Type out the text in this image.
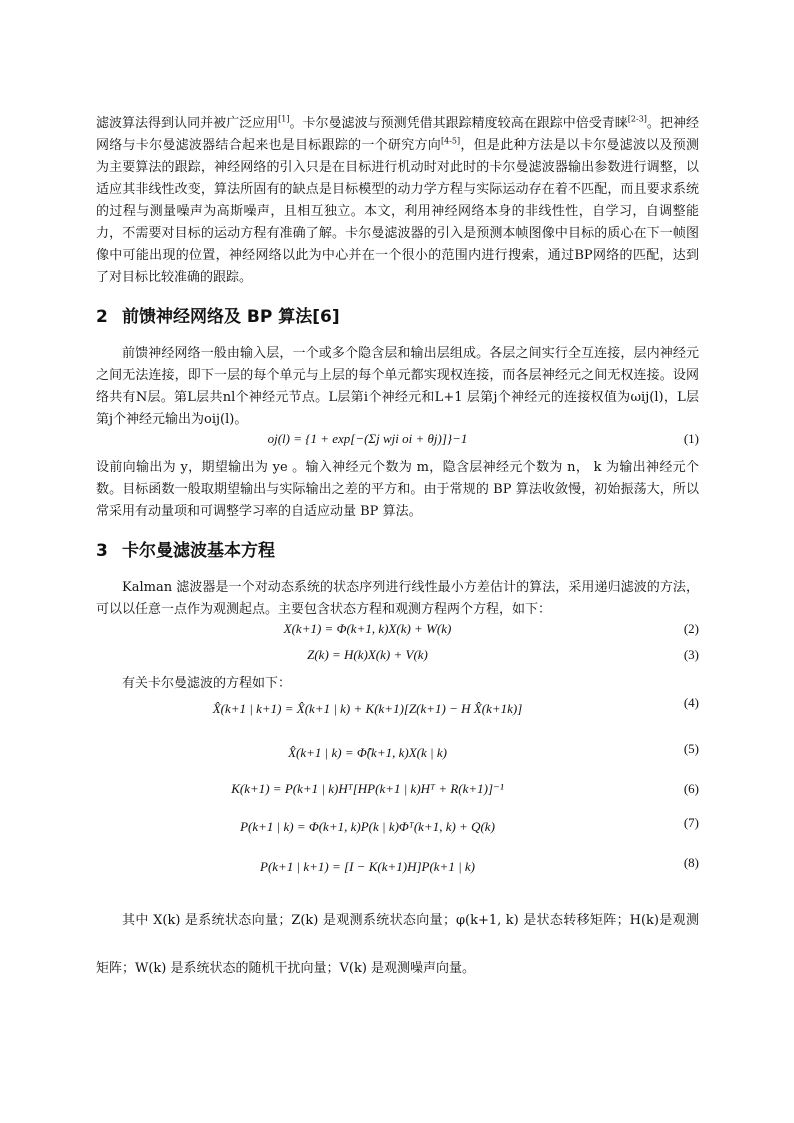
滤波算法得到认同并被广泛应用[1]。卡尔曼滤波与预测凭借其跟踪精度较高在跟踪中倍受青睐[2-3]。把神经网络与卡尔曼滤波器结合起来也是目标跟踪的一个研究方向[4-5]，但是此种方法是以卡尔曼滤波以及预测为主要算法的跟踪，神经网络的引入只是在目标进行机动时对此时的卡尔曼滤波器输出参数进行调整，以适应其非线性改变，算法所固有的缺点是目标模型的动力学方程与实际运动存在着不匹配，而且要求系统的过程与测量噪声为高斯噪声，且相互独立。本文，利用神经网络本身的非线性性，自学习，自调整能力，不需要对目标的运动方程有准确了解。卡尔曼滤波器的引入是预测本帧图像中目标的质心在下一帧图像中可能出现的位置，神经网络以此为中心并在一个很小的范围内进行搜索，通过BP网络的匹配，达到了对目标比较准确的跟踪。

2 前馈神经网络及 BP 算法[6]

前馈神经网络一般由输入层，一个或多个隐含层和输出层组成。各层之间实行全互连接，层内神经元之间无法连接，即下一层的每个单元与上层的每个单元都实现权连接，而各层神经元之间无权连接。设网络共有N层。第L层共nl个神经元节点。L层第i个神经元和L+1 层第j个神经元的连接权值为ωij(l)，L层第j个神经元输出为oij(l)。

oj(l) = {1 + exp[−(Σj wji oi + θj)]}−1	(1)

设前向输出为 y，期望输出为 ye 。输入神经元个数为 m，隐含层神经元个数为 n， k 为输出神经元个数。目标函数一般取期望输出与实际输出之差的平方和。由于常规的 BP 算法收敛慢，初始振荡大，所以常采用有动量项和可调整学习率的自适应动量 BP 算法。

3 卡尔曼滤波基本方程

Kalman 滤波器是一个对动态系统的状态序列进行线性最小方差估计的算法，采用递归滤波的方法，可以以任意一点作为观测起点。主要包含状态方程和观测方程两个方程，如下：

X(k+1) = Φ(k+1, k)X(k) + W(k)	(2)
Z(k) = H(k)X(k) + V(k)	(3)

有关卡尔曼滤波的方程如下：

X̂(k+1 | k+1) = X̂(k+1 | k) + K(k+1)[Z(k+1) − H X̂(k+1k)]	(4)
X̂(k+1 | k) = Φ̂(k+1, k)X(k | k)	(5)
K(k+1) = P(k+1 | k)Hᵀ[HP(k+1 | k)Hᵀ + R(k+1)]⁻¹	(6)
P(k+1 | k) = Φ(k+1, k)P(k | k)Φᵀ(k+1, k) + Q(k)	(7)
P(k+1 | k+1) = [I − K(k+1)H]P(k+1 | k)	(8)

其中 X(k) 是系统状态向量；Z(k) 是观测系统状态向量；φ(k+1, k) 是状态转移矩阵；H(k)是观测矩阵；W(k) 是系统状态的随机干扰向量；V(k) 是观测噪声向量。
